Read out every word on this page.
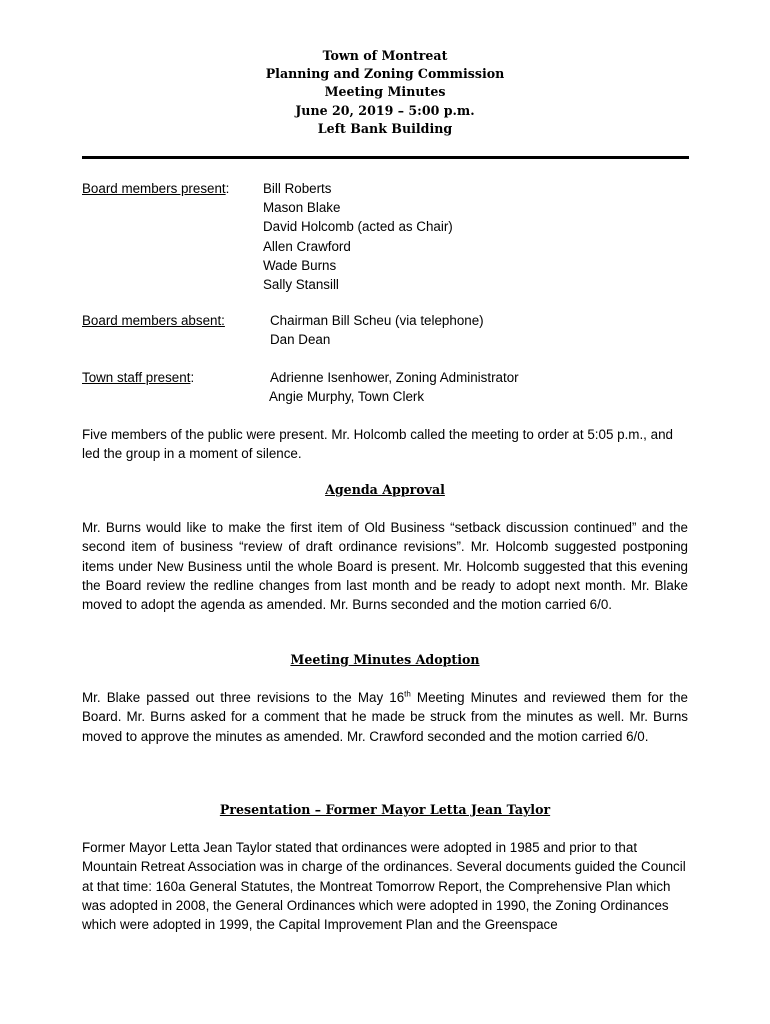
Town of Montreat
Planning and Zoning Commission
Meeting Minutes
June 20, 2019 – 5:00 p.m.
Left Bank Building
Board members present:	Bill Roberts
Mason Blake
David Holcomb (acted as Chair)
Allen Crawford
Wade Burns
Sally Stansill
Board members absent:	Chairman Bill Scheu (via telephone)
Dan Dean
Town staff present:	Adrienne Isenhower, Zoning Administrator
Angie Murphy, Town Clerk
Five members of the public were present. Mr. Holcomb called the meeting to order at 5:05 p.m., and led the group in a moment of silence.
Agenda Approval
Mr. Burns would like to make the first item of Old Business “setback discussion continued” and the second item of business “review of draft ordinance revisions”. Mr. Holcomb suggested postponing items under New Business until the whole Board is present. Mr. Holcomb suggested that this evening the Board review the redline changes from last month and be ready to adopt next month. Mr. Blake moved to adopt the agenda as amended. Mr. Burns seconded and the motion carried 6/0.
Meeting Minutes Adoption
Mr. Blake passed out three revisions to the May 16th Meeting Minutes and reviewed them for the Board. Mr. Burns asked for a comment that he made be struck from the minutes as well. Mr. Burns moved to approve the minutes as amended. Mr. Crawford seconded and the motion carried 6/0.
Presentation – Former Mayor Letta Jean Taylor
Former Mayor Letta Jean Taylor stated that ordinances were adopted in 1985 and prior to that Mountain Retreat Association was in charge of the ordinances. Several documents guided the Council at that time: 160a General Statutes, the Montreat Tomorrow Report, the Comprehensive Plan which was adopted in 2008, the General Ordinances which were adopted in 1990, the Zoning Ordinances which were adopted in 1999, the Capital Improvement Plan and the Greenspace
